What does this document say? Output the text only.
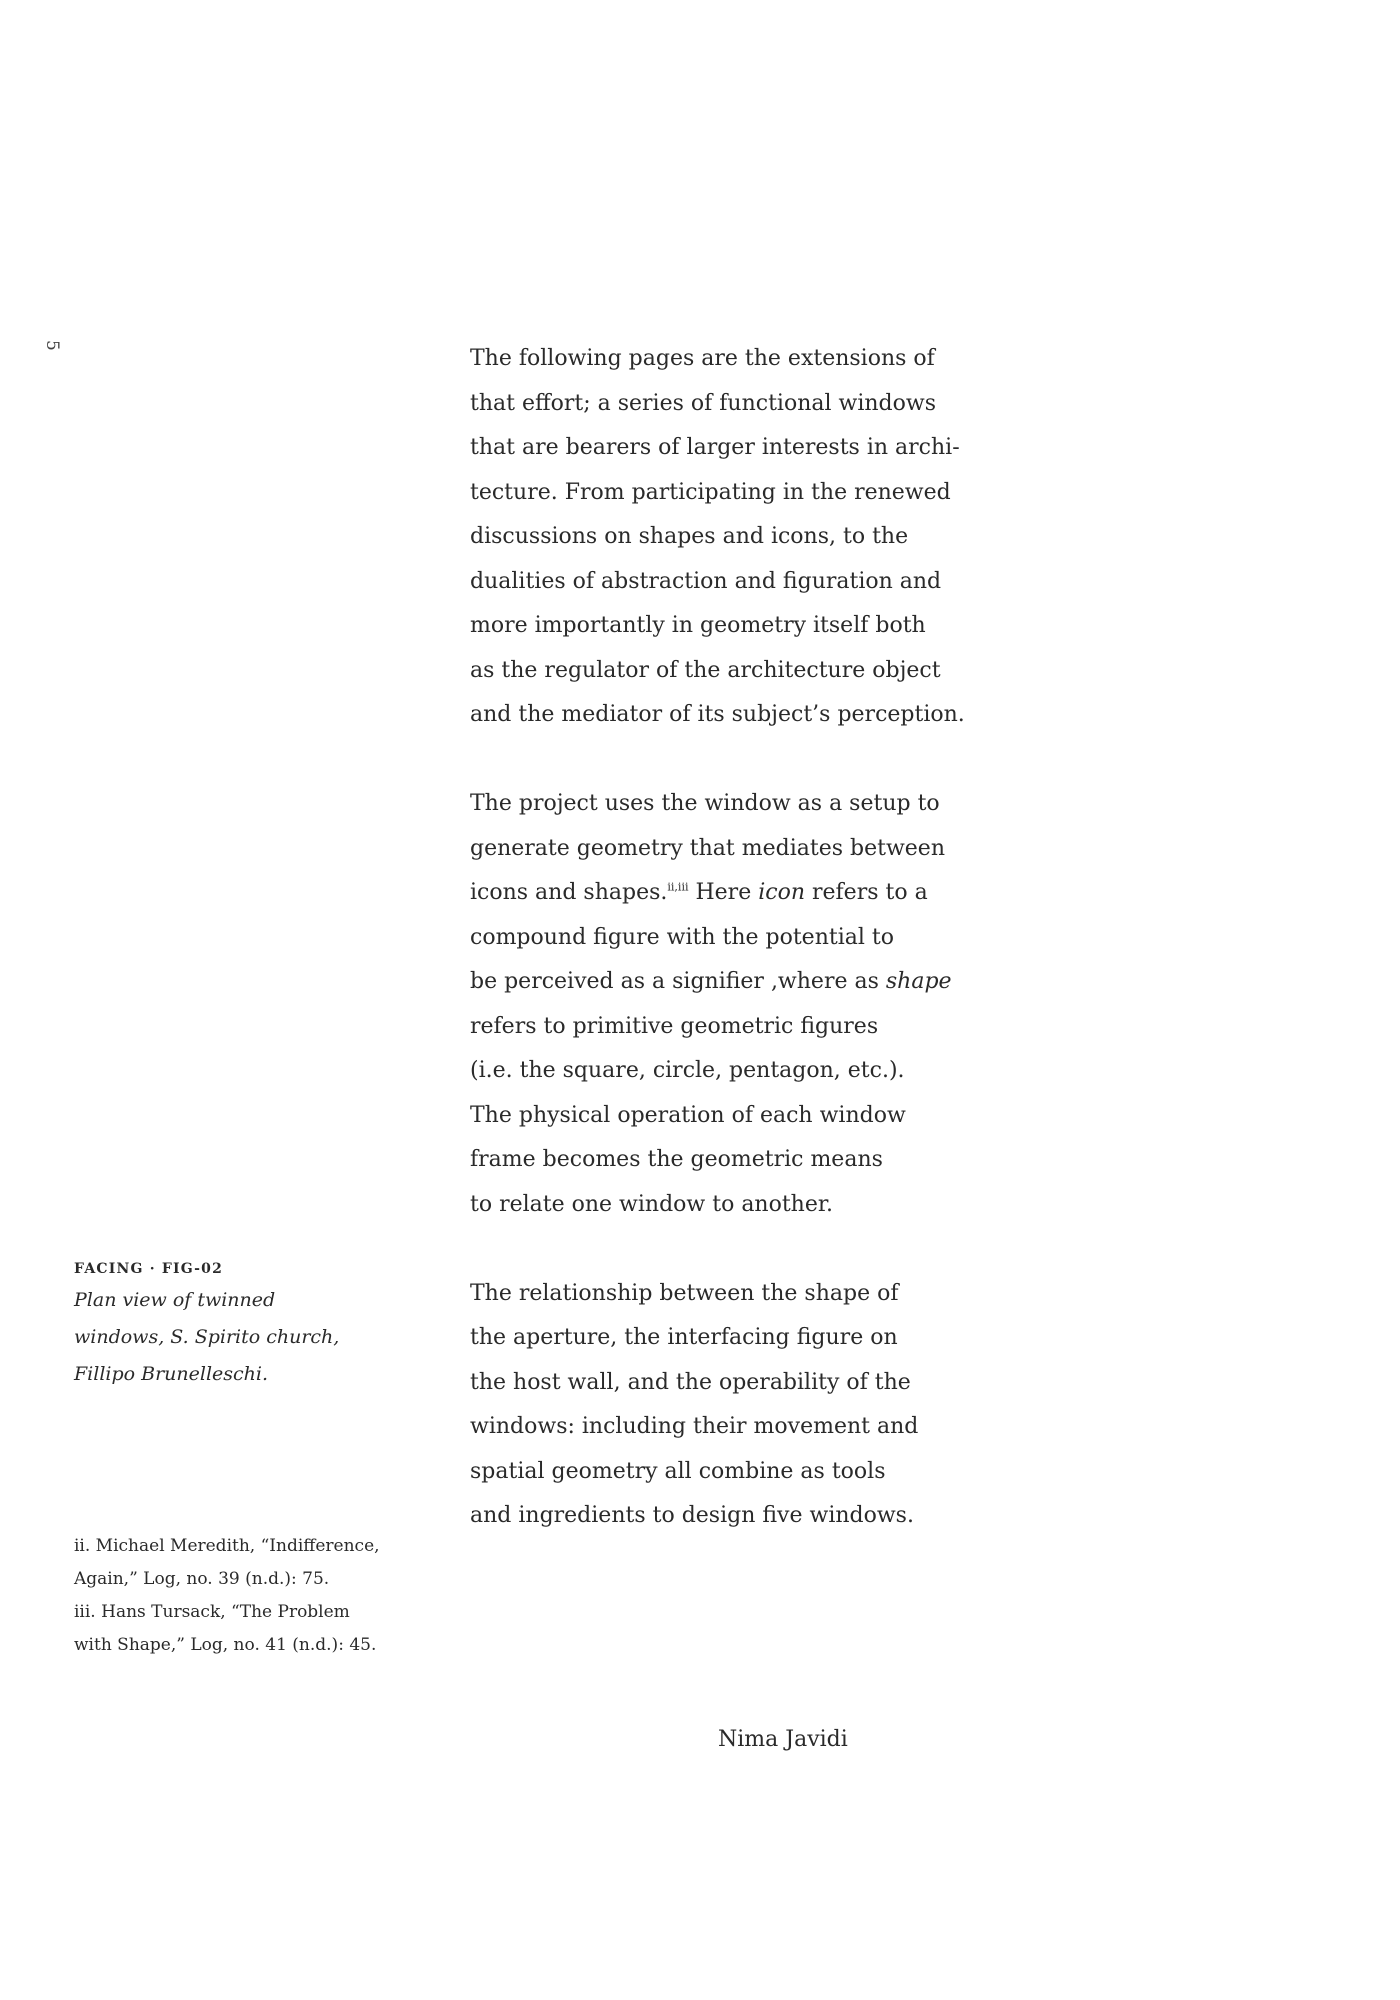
5

The following pages are the extensions of
that effort; a series of functional windows
that are bearers of larger interests in archi-
tecture. From participating in the renewed
discussions on shapes and icons, to the
dualities of abstraction and figuration and
more importantly in geometry itself both
as the regulator of the architecture object
and the mediator of its subject’s perception.

The project uses the window as a setup to
generate geometry that mediates between
icons and shapes.$^{ii,iii}$ Here icon refers to a
compound figure with the potential to
be perceived as a signifier ,where as shape
refers to primitive geometric figures
(i.e. the square, circle, pentagon, etc.).
The physical operation of each window
frame becomes the geometric means
to relate one window to another.

The relationship between the shape of
the aperture, the interfacing figure on
the host wall, and the operability of the
windows: including their movement and
spatial geometry all combine as tools
and ingredients to design five windows.

FACING · FIG-02
Plan view of twinned
windows, S. Spirito church,
Fillipo Brunelleschi.
ii. Michael Meredith, “Indifference,
Again,” Log, no. 39 (n.d.): 75.
iii. Hans Tursack, “The Problem
with Shape,” Log, no. 41 (n.d.): 45.
Nima Javidi
